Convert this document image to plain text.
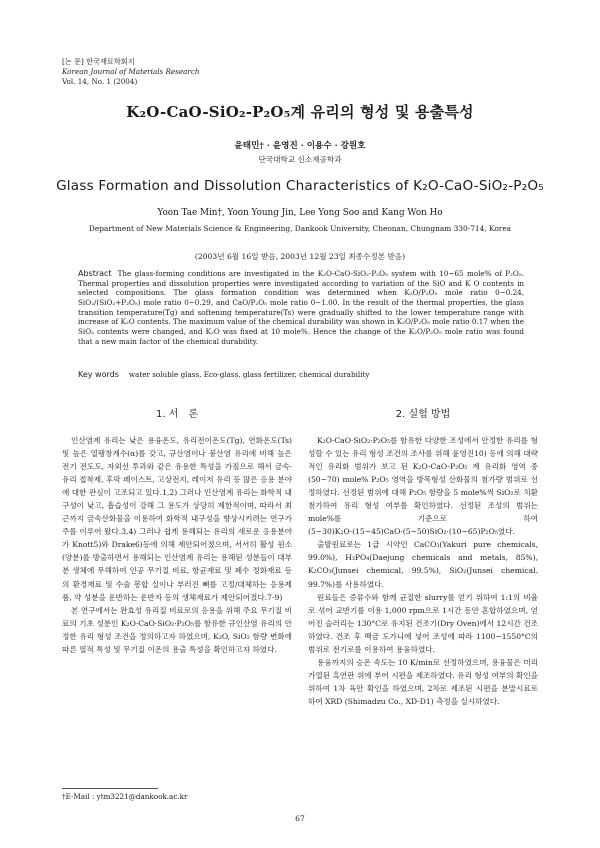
[논 문] 한국재료학회지
Korean Journal of Materials Research
Vol. 14, No. 1 (2004)
K₂O-CaO-SiO₂-P₂O₅계 유리의 형성 및 용출특성
윤태민† · 윤영진 · 이용수 · 강원호
단국대학교 신소재공학과
Glass Formation and Dissolution Characteristics of K₂O-CaO-SiO₂-P₂O₅
Yoon Tae Min†, Yoon Young Jin, Lee Yong Soo and Kang Won Ho
Department of New Materials Science & Engineering, Dankook University, Cheonan, Chungnam 330-714, Korea
(2003년 6월 16일 받음, 2003년 12월 23일 최종수정본 받음)
Abstract The glass-forming conditions are investigated in the K₂O-CaO-SiO₂-P₂O₅ system with 10~65 mole% of P₂O₅. Thermal properties and dissolution properties were investigated according to variation of the SiO and K O contents in selected compositions. The glass formation condition was determined when K₂O/P₂O₅ mole ratio 0~0.24, SiO₂/(SiO₂+P₂O₅) mole ratio 0~0.29, and CaO/P₂O₅ mole ratio 0~1.00. In the result of the thermal properties, the glass transition temperature(Tg) and softening temperature(Ts) were gradually shifted to the lower temperature range with increase of K₂O contents. The maximum value of the chemical durability was shown in K₂O/P₂O₅ mole ratio 0.17 when the SiO₂ contents were changed, and K₂O was fixed at 10 mole%. Hence the change of the K₂O/P₂O₅ mole ratio was found that a new main factor of the chemical durability.
Key words water soluble glass, Eco-glass, glass fertilizer, chemical durability
1. 서　론	2. 실험 방법

인산염계 유리는 낮은 용융온도, 유리전이온도(Tg), 연화온도(Ts) 및 높은 열팽창계수(α)를 갖고, 규산염이나 붕산염 유리에 비해 높은 전기 전도도, 자외선 투과와 같은 유용한 특성을 가짐으로 해서 금속-유리 접착제, 후막 페이스트, 고상전지, 레이저 유리 등 많은 응용 분야에 대한 관심이 고조되고 있다.1,2) 그러나 인산염계 유리는 화학적 내구성이 낮고, 흡습성이 강해 그 용도가 상당히 제한적이며, 따라서 최근까지 금속산화물을 이용하여 화학적 내구성을 향상시키려는 연구가 주를 이루어 왔다.3,4) 그러나 쉽게 용해되는 유리의 새로운 응용분야가 Knott5)와 Drake6)등에 의해 제안되어졌으며, 서서히 활성 원소(양분)를 방출하면서 용해되는 인산염계 유리는 용해된 성분들이 대부분 생체에 무해하여 인공 무기질 비료, 항균재료 및 폐수 정화재료 등의 환경재료 및 수술 봉합 실이나 부러진 뼈를 고정/대체하는 응용제품, 약 성분을 운반하는 운반자 등의 생체재료가 제안되어졌다.7-9)

본 연구에서는 완효성 유리질 비료로의 응용을 위해 주요 무기질 비료의 기초 성분인 K₂O·CaO·SiO₂·P₂O₅를 함유한 규인산염 유리의 안정한 유리 형성 조건을 정의하고자 하였으며, K₂O, SiO₂ 함량 변화에 따른 열적 특성 및 무기질 이온의 용출 특성을 확인하고자 하였다.

K₂O·CaO·SiO₂·P₂O₅를 함유한 다양한 조성에서 안정한 유리를 형성할 수 있는 유리 형성 조건의 조사를 위해 윤영진10) 등에 의해 대략적인 유리화 범위가 보고 된 K₂O-CaO-P₂O₅ 계 유리화 영역 중 (50~70) mole% P₂O₅ 영역을 방목형성 산화물의 첨가량 범위로 선정하였다. 선정된 범위에 대해 P₂O₅ 함량을 5 mole%씩 SiO₂로 치환 첨가하여 유리 형성 여부를 확인하였다. 선정된 조성의 범위는 mole%를 기준으로 하여 (5~30)K₂O·(15~45)CaO·(5~50)SiO₂·(10~65)P₂O₅였다.

출발원료로는 1급 시약인 CaCO₃(Yakuri pure chemicals, 99.0%), H₃PO₄(Daejung chemicals and metals, 85%), K₂CO₃(Junsei chemical, 99.5%), SiO₂(Junsei chemical. 99.7%)를 사용하였다.

원료들은 증류수와 함께 균질한 slurry를 얻기 위하여 1:1의 비율로 섞어 교반기를 이용 1,000 rpm으로 1시간 동안 혼합하였으며, 얻어진 슬러리는 130°C로 유지된 건조기(Dry Oven)에서 12시간 건조하였다. 건조 후 백금 도가니에 넣어 조성에 따라 1100~1550°C의 범위로 전기로를 이용하여 용융하였다.

용융까지의 승온 속도는 10 K/min로 선정하였으며, 용융물은 미리 가열된 흑연판 위에 부어 시편을 제조하였다. 유리 형성 여부의 확인을 위하여 1차 육안 확인을 하였으며, 2차로 제조된 시편을 분말시료로 하여 XRD (Shimadzu Co., XD-D1) 측정을 실시하였다.

†E-Mail : ytm3221@dankook.ac.kr
67
